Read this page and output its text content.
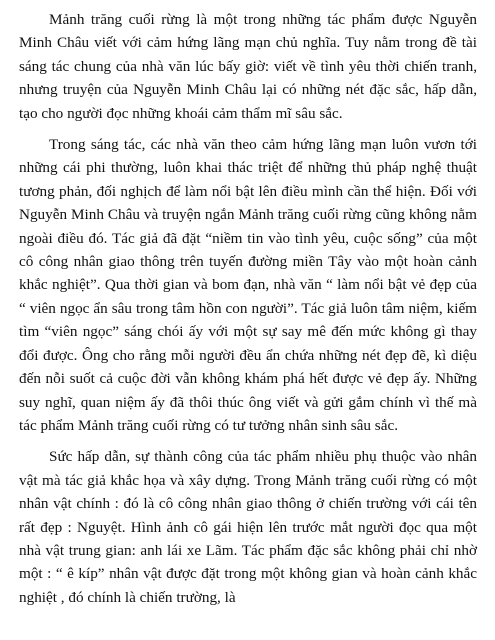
Mảnh trăng cuối rừng là một trong những tác phẩm được Nguyễn Minh Châu viết với cảm hứng lãng mạn chủ nghĩa. Tuy nằm trong đề tài sáng tác chung của nhà văn lúc bấy giờ: viết về tình yêu thời chiến tranh, nhưng truyện của Nguyễn Minh Châu lại có những nét đặc sắc, hấp dẫn, tạo cho người đọc những khoái cảm thẩm mĩ sâu sắc.

Trong sáng tác, các nhà văn theo cảm hứng lãng mạn luôn vươn tới những cái phi thường, luôn khai thác triệt để những thủ pháp nghệ thuật tương phản, đối nghịch để làm nổi bật lên điều mình cần thể hiện. Đối với Nguyễn Minh Châu và truyện ngắn Mảnh trăng cuối rừng cũng không nằm ngoài điều đó. Tác giả đã đặt “niềm tin vào tình yêu, cuộc sống” của một cô công nhân giao thông trên tuyến đường miền Tây vào một hoàn cảnh khắc nghiệt”. Qua thời gian và bom đạn, nhà văn “ làm nổi bật vẻ đẹp của “ viên ngọc ẩn sâu trong tâm hồn con người”. Tác giả luôn tâm niệm, kiếm tìm “viên ngọc” sáng chói ấy với một sự say mê đến mức không gì thay đổi được. Ông cho rằng mỗi người đều ẩn chứa những nét đẹp đẽ, kì diệu đến nỗi suốt cả cuộc đời vẫn không khám phá hết được vẻ đẹp ấy. Những suy nghĩ, quan niệm ấy đã thôi thúc ông viết và gửi gắm chính vì thế mà tác phẩm Mảnh trăng cuối rừng có tư tưởng nhân sinh sâu sắc.

Sức hấp dẫn, sự thành công của tác phẩm nhiều phụ thuộc vào nhân vật mà tác giả khắc họa và xây dựng. Trong Mảnh trăng cuối rừng có một nhân vật chính : đó là cô công nhân giao thông ở chiến trường với cái tên rất đẹp : Nguyệt. Hình ảnh cô gái hiện lên trước mắt người đọc qua một nhà vật trung gian: anh lái xe Lãm. Tác phẩm đặc sắc không phải chỉ nhờ một : “ ê kíp” nhân vật được đặt trong một không gian và hoàn cảnh khắc nghiệt , đó chính là chiến trường, là
